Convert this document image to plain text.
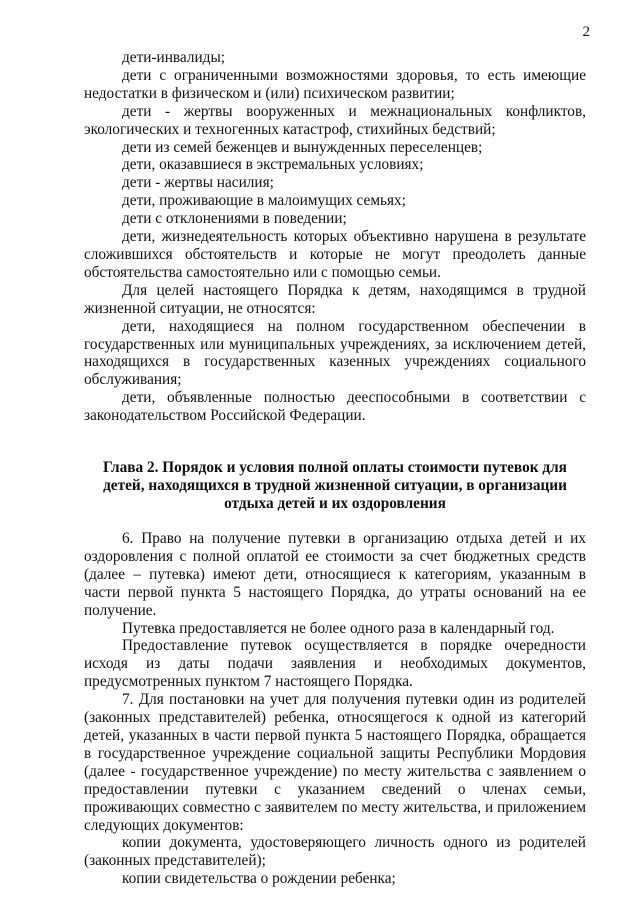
2

дети-инвалиды;

дети с ограниченными возможностями здоровья, то есть имеющие недостатки в физическом и (или) психическом развитии;

дети - жертвы вооруженных и межнациональных конфликтов, экологических и техногенных катастроф, стихийных бедствий;

дети из семей беженцев и вынужденных переселенцев;

дети, оказавшиеся в экстремальных условиях;

дети - жертвы насилия;

дети, проживающие в малоимущих семьях;

дети с отклонениями в поведении;

дети, жизнедеятельность которых объективно нарушена в результате сложившихся обстоятельств и которые не могут преодолеть данные обстоятельства самостоятельно или с помощью семьи.

Для целей настоящего Порядка к детям, находящимся в трудной жизненной ситуации, не относятся:

дети, находящиеся на полном государственном обеспечении в государственных или муниципальных учреждениях, за исключением детей, находящихся в государственных казенных учреждениях социального обслуживания;

дети, объявленные полностью дееспособными в соответствии с законодательством Российской Федерации.

Глава 2. Порядок и условия полной оплаты стоимости путевок для детей, находящихся в трудной жизненной ситуации, в организации отдыха детей и их оздоровления

6. Право на получение путевки в организацию отдыха детей и их оздоровления с полной оплатой ее стоимости за счет бюджетных средств (далее – путевка) имеют дети, относящиеся к категориям, указанным в части первой пункта 5 настоящего Порядка, до утраты оснований на ее получение.

Путевка предоставляется не более одного раза в календарный год.

Предоставление путевок осуществляется в порядке очередности исходя из даты подачи заявления и необходимых документов, предусмотренных пунктом 7 настоящего Порядка.

7. Для постановки на учет для получения путевки один из родителей (законных представителей) ребенка, относящегося к одной из категорий детей, указанных в части первой пункта 5 настоящего Порядка, обращается в государственное учреждение социальной защиты Республики Мордовия (далее - государственное учреждение) по месту жительства с заявлением о предоставлении путевки с указанием сведений о членах семьи, проживающих совместно с заявителем по месту жительства, и приложением следующих документов:

копии документа, удостоверяющего личность одного из родителей (законных представителей);

копии свидетельства о рождении ребенка;
